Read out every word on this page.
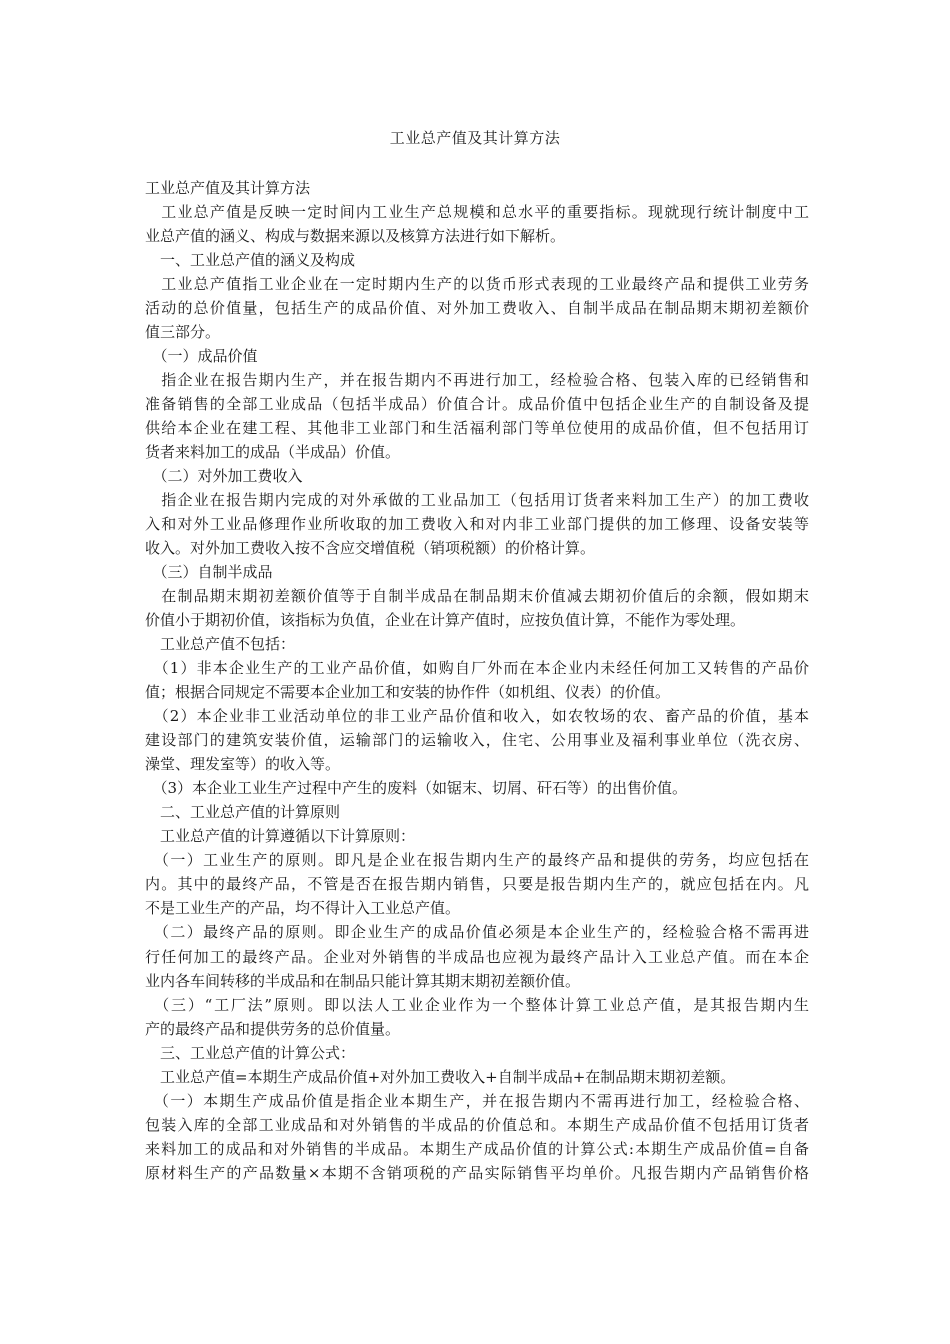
工业总产值及其计算方法
工业总产值及其计算方法
　工业总产值是反映一定时间内工业生产总规模和总水平的重要指标。现就现行统计制度中工
业总产值的涵义、构成与数据来源以及核算方法进行如下解析。
　一、工业总产值的涵义及构成
　工业总产值指工业企业在一定时期内生产的以货币形式表现的工业最终产品和提供工业劳务
活动的总价值量，包括生产的成品价值、对外加工费收入、自制半成品在制品期末期初差额价
值三部分。
　（一）成品价值
　指企业在报告期内生产，并在报告期内不再进行加工，经检验合格、包装入库的已经销售和
准备销售的全部工业成品（包括半成品）价值合计。成品价值中包括企业生产的自制设备及提
供给本企业在建工程、其他非工业部门和生活福利部门等单位使用的成品价值，但不包括用订
货者来料加工的成品（半成品）价值。
　（二）对外加工费收入
　指企业在报告期内完成的对外承做的工业品加工（包括用订货者来料加工生产）的加工费收
入和对外工业品修理作业所收取的加工费收入和对内非工业部门提供的加工修理、设备安装等
收入。对外加工费收入按不含应交增值税（销项税额）的价格计算。
　（三）自制半成品
　在制品期末期初差额价值等于自制半成品在制品期末价值减去期初价值后的余额，假如期末
价值小于期初价值，该指标为负值，企业在计算产值时，应按负值计算，不能作为零处理。
　工业总产值不包括：
　（1）非本企业生产的工业产品价值，如购自厂外而在本企业内未经任何加工又转售的产品价
值；根据合同规定不需要本企业加工和安装的协作件（如机组、仪表）的价值。
　（2）本企业非工业活动单位的非工业产品价值和收入，如农牧场的农、畜产品的价值，基本
建设部门的建筑安装价值，运输部门的运输收入，住宅、公用事业及福利事业单位（洗衣房、
澡堂、理发室等）的收入等。
　（3）本企业工业生产过程中产生的废料（如锯末、切屑、矸石等）的出售价值。
　二、工业总产值的计算原则
　工业总产值的计算遵循以下计算原则：
　（一）工业生产的原则。即凡是企业在报告期内生产的最终产品和提供的劳务，均应包括在
内。其中的最终产品，不管是否在报告期内销售，只要是报告期内生产的，就应包括在内。凡
不是工业生产的产品，均不得计入工业总产值。
　（二）最终产品的原则。即企业生产的成品价值必须是本企业生产的，经检验合格不需再进
行任何加工的最终产品。企业对外销售的半成品也应视为最终产品计入工业总产值。而在本企
业内各车间转移的半成品和在制品只能计算其期末期初差额价值。
　（三）“工厂法”原则。即以法人工业企业作为一个整体计算工业总产值，是其报告期内生
产的最终产品和提供劳务的总价值量。
　三、工业总产值的计算公式：
　工业总产值=本期生产成品价值+对外加工费收入+自制半成品+在制品期末期初差额。
　（一）本期生产成品价值是指企业本期生产，并在报告期内不需再进行加工，经检验合格、
包装入库的全部工业成品和对外销售的半成品的价值总和。本期生产成品价值不包括用订货者
来料加工的成品和对外销售的半成品。本期生产成品价值的计算公式:本期生产成品价值=自备
原材料生产的产品数量×本期不含销项税的产品实际销售平均单价。凡报告期内产品销售价格
